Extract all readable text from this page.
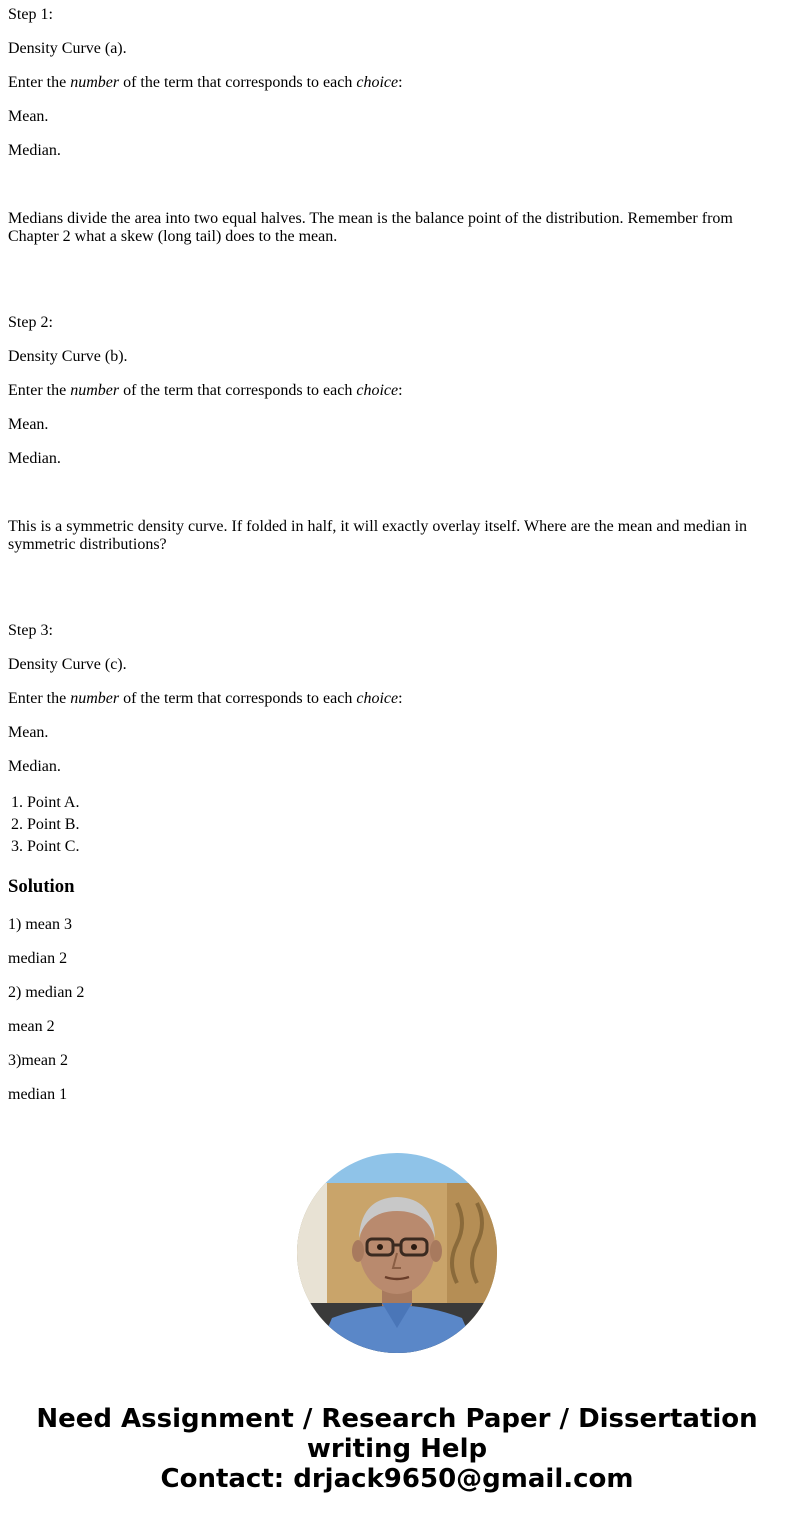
Step 1:

Density Curve (a).

Enter the number of the term that corresponds to each choice:

Mean.

Median.

Medians divide the area into two equal halves. The mean is the balance point of the distribution. Remember from Chapter 2 what a skew (long tail) does to the mean.

Step 2:

Density Curve (b).

Enter the number of the term that corresponds to each choice:

Mean.

Median.

This is a symmetric density curve. If folded in half, it will exactly overlay itself. Where are the mean and median in symmetric distributions?

Step 3:

Density Curve (c).

Enter the number of the term that corresponds to each choice:

Mean.

Median.

1. Point A.
2. Point B.
3. Point C.
Solution

1) mean 3

median 2

2) median 2

mean 2

3)mean 2

median 1

Need Assignment / Research Paper / Dissertation
writing Help
Contact: drjack9650@gmail.com
